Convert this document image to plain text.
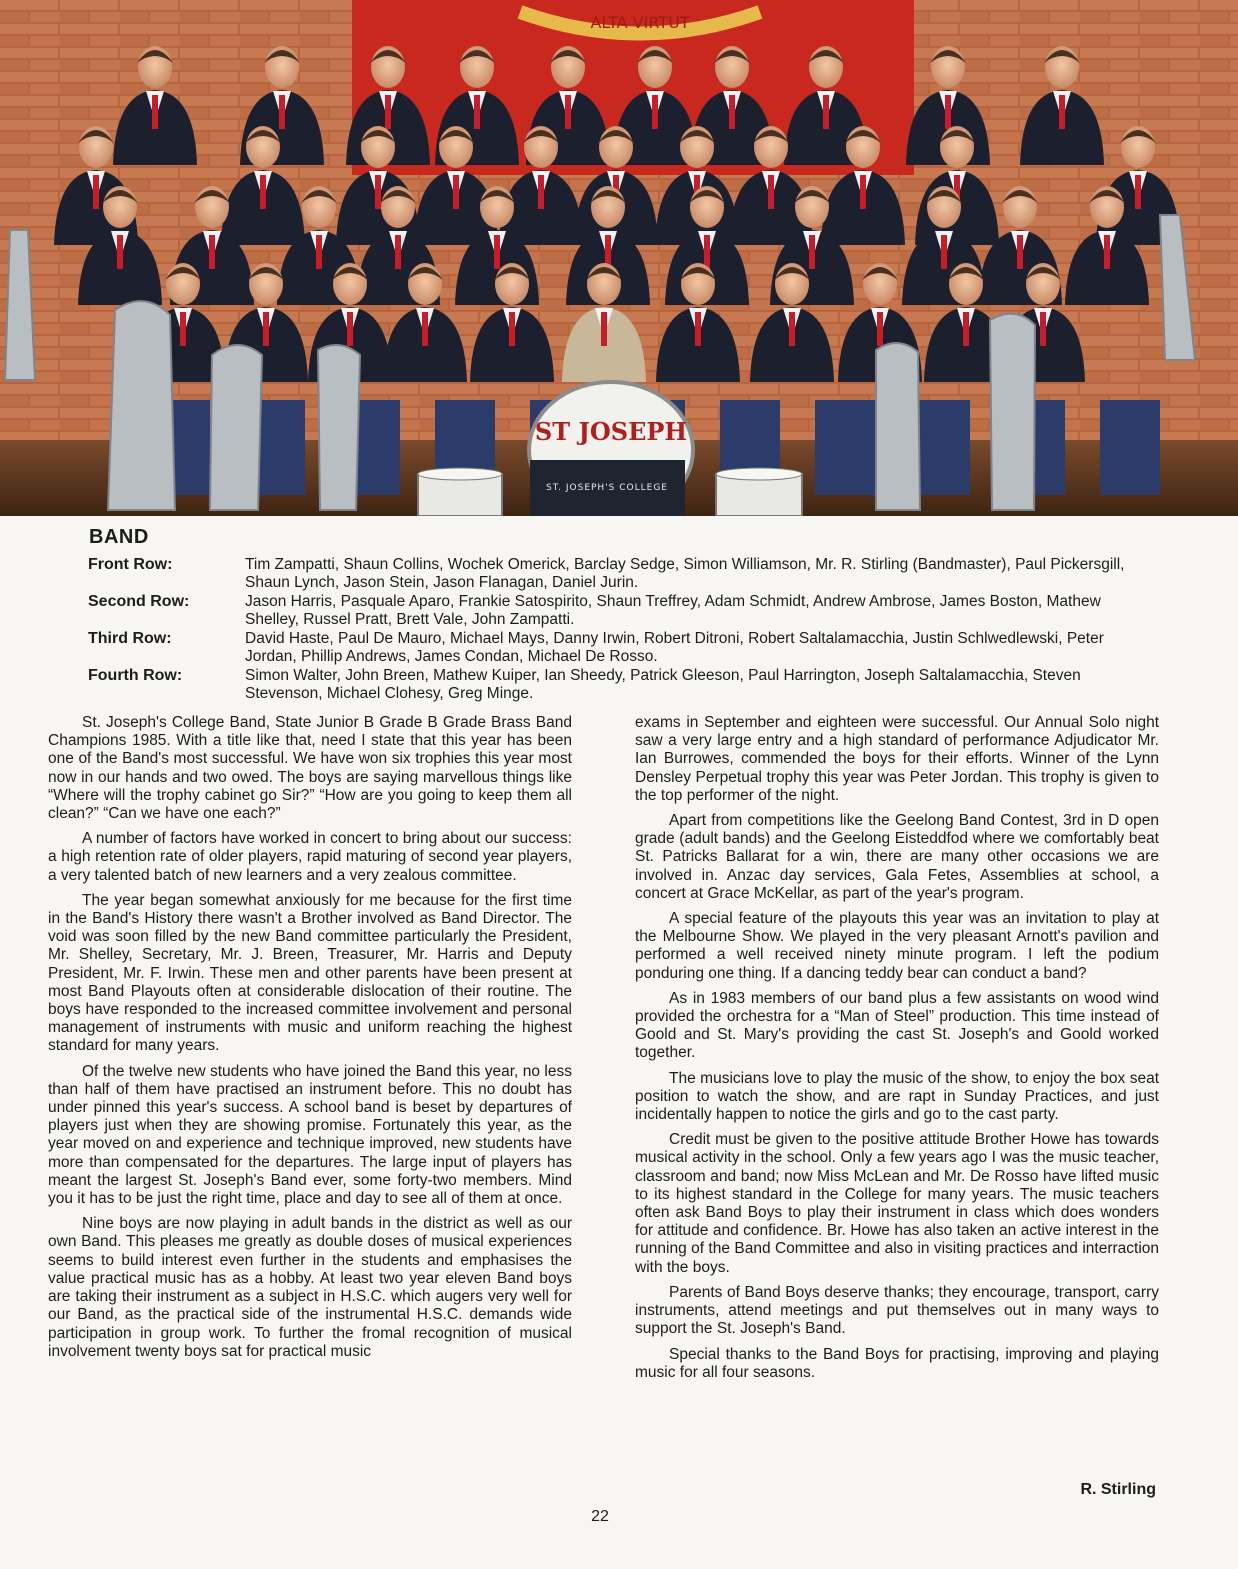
ALTA VIRTUT
ST JOSEPH
ST. JOSEPH'S COLLEGE
BAND
Front Row:	Tim Zampatti, Shaun Collins, Wochek Omerick, Barclay Sedge, Simon Williamson, Mr. R. Stirling (Bandmaster), Paul Pickersgill, Shaun Lynch, Jason Stein, Jason Flanagan, Daniel Jurin.
Second Row:	Jason Harris, Pasquale Aparo, Frankie Satospirito, Shaun Treffrey, Adam Schmidt, Andrew Ambrose, James Boston, Mathew Shelley, Russel Pratt, Brett Vale, John Zampatti.
Third Row:	David Haste, Paul De Mauro, Michael Mays, Danny Irwin, Robert Ditroni, Robert Saltalamacchia, Justin Schlwedlewski, Peter Jordan, Phillip Andrews, James Condan, Michael De Rosso.
Fourth Row:	Simon Walter, John Breen, Mathew Kuiper, Ian Sheedy, Patrick Gleeson, Paul Harrington, Joseph Saltalamacchia, Steven Stevenson, Michael Clohesy, Greg Minge.

St. Joseph's College Band, State Junior B Grade B Grade Brass Band Champions 1985. With a title like that, need I state that this year has been one of the Band's most successful. We have won six trophies this year most now in our hands and two owed. The boys are saying marvellous things like “Where will the trophy cabinet go Sir?” “How are you going to keep them all clean?” “Can we have one each?”

A number of factors have worked in concert to bring about our success: a high retention rate of older players, rapid maturing of second year players, a very talented batch of new learners and a very zealous committee.

The year began somewhat anxiously for me because for the first time in the Band's History there wasn't a Brother involved as Band Director. The void was soon filled by the new Band committee particularly the President, Mr. Shelley, Secretary, Mr. J. Breen, Treasurer, Mr. Harris and Deputy President, Mr. F. Irwin. These men and other parents have been present at most Band Playouts often at considerable dislocation of their routine. The boys have responded to the increased committee involvement and personal management of instruments with music and uniform reaching the highest standard for many years.

Of the twelve new students who have joined the Band this year, no less than half of them have practised an instrument before. This no doubt has under pinned this year's success. A school band is beset by departures of players just when they are showing promise. Fortunately this year, as the year moved on and experience and technique improved, new students have more than compensated for the departures. The large input of players has meant the largest St. Joseph's Band ever, some forty-two members. Mind you it has to be just the right time, place and day to see all of them at once.

Nine boys are now playing in adult bands in the district as well as our own Band. This pleases me greatly as double doses of musical experiences seems to build interest even further in the students and emphasises the value practical music has as a hobby. At least two year eleven Band boys are taking their instrument as a subject in H.S.C. which augers very well for our Band, as the practical side of the instrumental H.S.C. demands wide participation in group work. To further the fromal recognition of musical involvement twenty boys sat for practical music

exams in September and eighteen were successful. Our Annual Solo night saw a very large entry and a high standard of performance Adjudicator Mr. Ian Burrowes, commended the boys for their efforts. Winner of the Lynn Densley Perpetual trophy this year was Peter Jordan. This trophy is given to the top performer of the night.

Apart from competitions like the Geelong Band Contest, 3rd in D open grade (adult bands) and the Geelong Eisteddfod where we comfortably beat St. Patricks Ballarat for a win, there are many other occasions we are involved in. Anzac day services, Gala Fetes, Assemblies at school, a concert at Grace McKellar, as part of the year's program.

A special feature of the playouts this year was an invitation to play at the Melbourne Show. We played in the very pleasant Arnott's pavilion and performed a well received ninety minute program. I left the podium ponduring one thing. If a dancing teddy bear can conduct a band?

As in 1983 members of our band plus a few assistants on wood wind provided the orchestra for a “Man of Steel” production. This time instead of Goold and St. Mary's providing the cast St. Joseph's and Goold worked together.

The musicians love to play the music of the show, to enjoy the box seat position to watch the show, and are rapt in Sunday Practices, and just incidentally happen to notice the girls and go to the cast party.

Credit must be given to the positive attitude Brother Howe has towards musical activity in the school. Only a few years ago I was the music teacher, classroom and band; now Miss McLean and Mr. De Rosso have lifted music to its highest standard in the College for many years. The music teachers often ask Band Boys to play their instrument in class which does wonders for attitude and confidence. Br. Howe has also taken an active interest in the running of the Band Committee and also in visiting practices and interraction with the boys.

Parents of Band Boys deserve thanks; they encourage, transport, carry instruments, attend meetings and put themselves out in many ways to support the St. Joseph's Band.

Special thanks to the Band Boys for practising, improving and playing music for all four seasons.

R. Stirling
22
